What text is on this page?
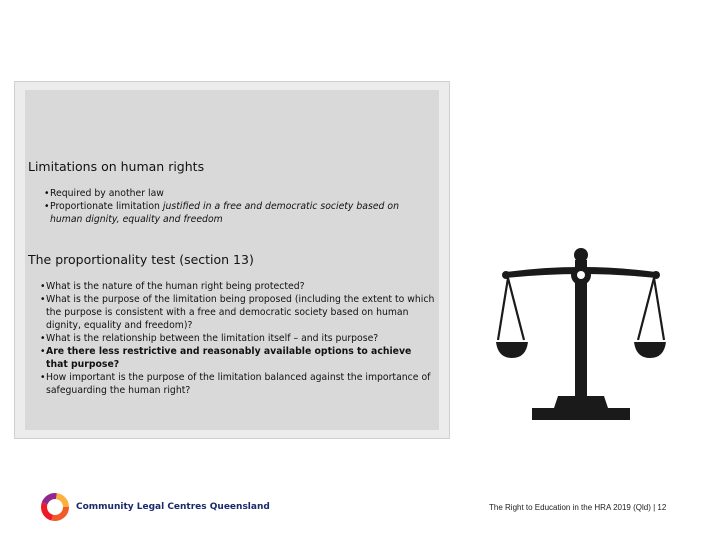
Limitations on human rights
• Required by another law
• Proportionate limitation justified in a free and democratic society based on human dignity, equality and freedom
The proportionality test (section 13)
• What is the nature of the human right being protected?
• What is the purpose of the limitation being proposed (including the extent to which the purpose is consistent with a free and democratic society based on human dignity, equality and freedom)?
• What is the relationship between the limitation itself – and its purpose?
• Are there less restrictive and reasonably available options to achieve that purpose?
• How important is the purpose of the limitation balanced against the importance of safeguarding the human right?
Community Legal Centres Queensland	The Right to Education in the HRA 2019 (Qld) | 12
